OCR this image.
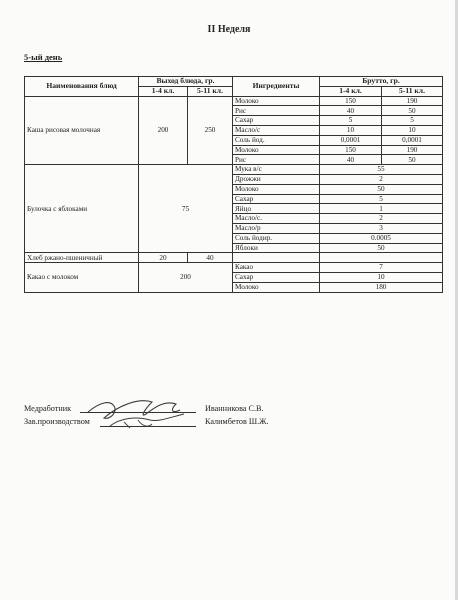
II Неделя
5-ый день
Наименования блюд	Выход блюда, гр.		Ингредиенты	Брутто, гр.	
	1-4 кл.	5-11 кл.		1-4 кл.	5-11 кл.
Каша рисовая молочная	200	250	Молоко	150	190
			Рис	40	50
			Сахар	5	5
			Масло/с	10	10
			Соль йод.	0,0001	0,0001
			Молоко	150	190
			Рис	40	50
Булочка с яблоками	75		Мука в/с	55	
			Дрожжи	2	
			Молоко	50	
			Сахар	5	
			Яйцо	1	
			Масло/с.	2	
			Масло/р	3	
			Соль йодир.	0.0005	
			Яблоки	50	
Хлеб ржано-пшеничный	20	40			
Какао с молоком	200		Какао	7	
			Сахар	10	
			Молоко	180	
Медработник	Иванникова С.В.
Зав.производством	Калимбетов Ш.Ж.
